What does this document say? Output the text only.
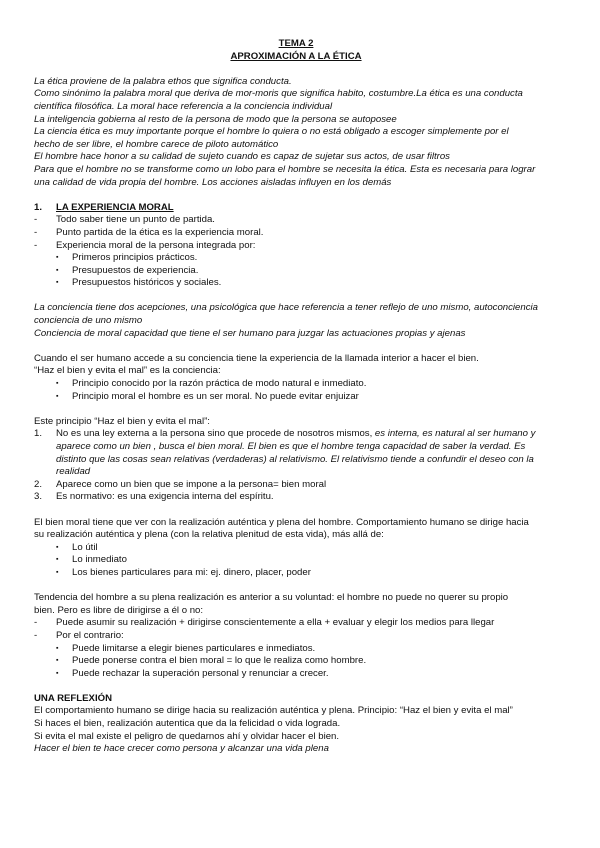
TEMA 2

APROXIMACIÓN A LA ÉTICA

La ética proviene de la palabra ethos que significa conducta.

Como sinónimo la palabra moral que deriva de mor-moris que significa habito, costumbre.La ética es una conducta

científica filosófica. La moral hace referencia a la conciencia individual

La inteligencia gobierna al resto de la persona de modo que la persona se autoposee

La ciencia ética es muy importante porque el hombre lo quiera o no está obligado a escoger simplemente por el

hecho de ser libre, el hombre carece de piloto automático

El hombre hace honor a su calidad de sujeto cuando es capaz de sujetar sus actos, de usar filtros

Para que el hombre no se transforme como un lobo para el hombre se necesita la ética. Esta es necesaria para lograr

una calidad de vida propia del hombre. Los acciones aisladas influyen en los demás

1.	LA EXPERIENCIA MORAL
-	Todo saber tiene un punto de partida.
-	Punto partida de la ética es la experiencia moral.
-	Experiencia moral de la persona integrada por:
▪	Primeros principios prácticos.
▪	Presupuestos de experiencia.
▪	Presupuestos históricos y sociales.

La conciencia tiene dos acepciones, una psicológica que hace referencia a tener reflejo de uno mismo, autoconciencia

conciencia de uno mismo

Conciencia de moral capacidad que tiene el ser humano para juzgar las actuaciones propias y ajenas

Cuando el ser humano accede a su conciencia tiene la experiencia de la llamada interior a hacer el bien.

“Haz el bien y evita el mal” es la conciencia:

▪	Principio conocido por la razón práctica de modo natural e inmediato.
▪	Principio moral el hombre es un ser moral. No puede evitar enjuizar

Este principio “Haz el bien y evita el mal”:

1.	No es una ley externa a la persona sino que procede de nosotros mismos, es interna, es natural al ser humano y
aparece como un bien , busca el bien moral. El bien es que el hombre tenga capacidad de saber la verdad. Es
distinto que las cosas sean relativas (verdaderas) al relativismo. El relativismo tiende a confundir el deseo con la
realidad
2.	Aparece como un bien que se impone a la persona= bien moral
3.	Es normativo: es una exigencia interna del espíritu.

El bien moral tiene que ver con la realización auténtica y plena del hombre. Comportamiento humano se dirige hacia

su realización auténtica y plena (con la relativa plenitud de esta vida), más allá de:

▪	Lo útil
▪	Lo inmediato
▪	Los bienes particulares para mi: ej. dinero, placer, poder

Tendencia del hombre a su plena realización es anterior a su voluntad: el hombre no puede no querer su propio

bien. Pero es libre de dirigirse a él o no:

-	Puede asumir su realización + dirigirse conscientemente a ella + evaluar y elegir los medios para llegar
-	Por el contrario:
▪	Puede limitarse a elegir bienes particulares e inmediatos.
▪	Puede ponerse contra el bien moral = lo que le realiza como hombre.
▪	Puede rechazar la superación personal y renunciar a crecer.

UNA REFLEXIÓN

El comportamiento humano se dirige hacia su realización auténtica y plena. Principio: “Haz el bien y evita el mal”

Si haces el bien, realización autentica que da la felicidad o vida lograda.

Si evita el mal existe el peligro de quedarnos ahí y olvidar hacer el bien.

Hacer el bien te hace crecer como persona y alcanzar una vida plena
